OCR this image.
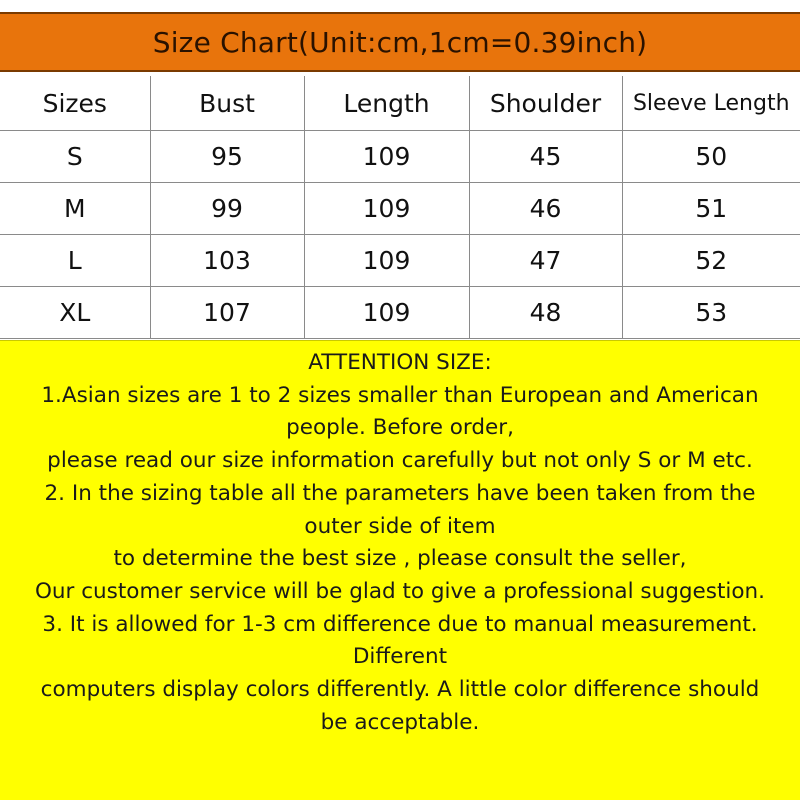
Size Chart(Unit:cm,1cm=0.39inch)
Sizes	Bust	Length	Shoulder	Sleeve Length
S	95	109	45	50
M	99	109	46	51
L	103	109	47	52
XL	107	109	48	53
ATTENTION SIZE:
1.Asian sizes are 1 to 2 sizes smaller than European and American
people. Before order,
please read our size information carefully but not only S or M etc.
2. In the sizing table all the parameters have been taken from the
outer side of item
to determine the best size , please consult the seller,
Our customer service will be glad to give a professional suggestion.
3. It is allowed for 1-3 cm difference due to manual measurement.
Different
computers display colors differently. A little color difference should
be acceptable.
